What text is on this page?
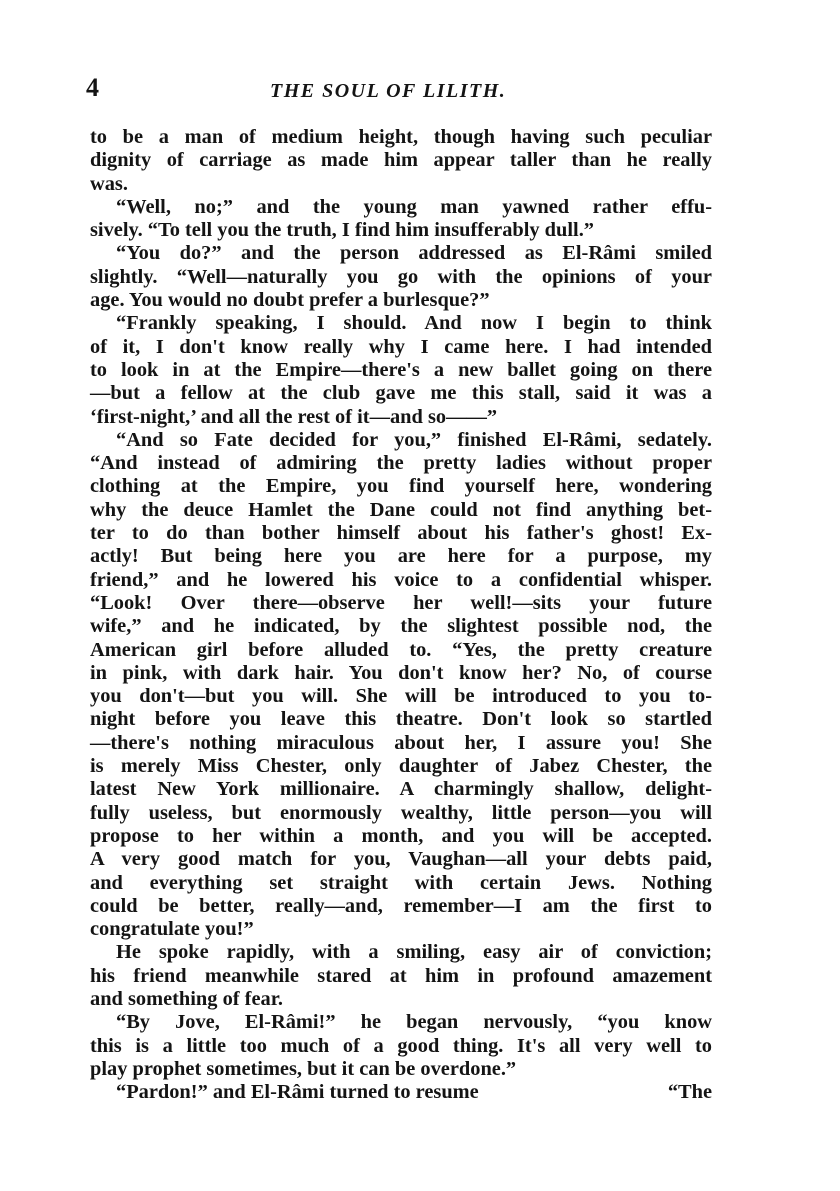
4	THE SOUL OF LILITH.
to be a man of medium height, though having such peculiar
dignity of carriage as made him appear taller than he really
was.
“Well, no;” and the young man yawned rather effu-
sively. “To tell you the truth, I find him insufferably dull.”
“You do?” and the person addressed as El-Râmi smiled
slightly. “Well—naturally you go with the opinions of your
age. You would no doubt prefer a burlesque?”
“Frankly speaking, I should. And now I begin to think
of it, I don't know really why I came here. I had intended
to look in at the Empire—there's a new ballet going on there
—but a fellow at the club gave me this stall, said it was a
‘first-night,’ and all the rest of it—and so——”
“And so Fate decided for you,” finished El-Râmi, sedately.
“And instead of admiring the pretty ladies without proper
clothing at the Empire, you find yourself here, wondering
why the deuce Hamlet the Dane could not find anything bet-
ter to do than bother himself about his father's ghost! Ex-
actly! But being here you are here for a purpose, my
friend,” and he lowered his voice to a confidential whisper.
“Look! Over there—observe her well!—sits your future
wife,” and he indicated, by the slightest possible nod, the
American girl before alluded to. “Yes, the pretty creature
in pink, with dark hair. You don't know her? No, of course
you don't—but you will. She will be introduced to you to-
night before you leave this theatre. Don't look so startled
—there's nothing miraculous about her, I assure you! She
is merely Miss Chester, only daughter of Jabez Chester, the
latest New York millionaire. A charmingly shallow, delight-
fully useless, but enormously wealthy, little person—you will
propose to her within a month, and you will be accepted.
A very good match for you, Vaughan—all your debts paid,
and everything set straight with certain Jews. Nothing
could be better, really—and, remember—I am the first to
congratulate you!”
He spoke rapidly, with a smiling, easy air of conviction;
his friend meanwhile stared at him in profound amazement
and something of fear.
“By Jove, El-Râmi!” he began nervously, “you know
this is a little too much of a good thing. It's all very well to
play prophet sometimes, but it can be overdone.”
“Pardon!” and El-Râmi turned to resume	“The
